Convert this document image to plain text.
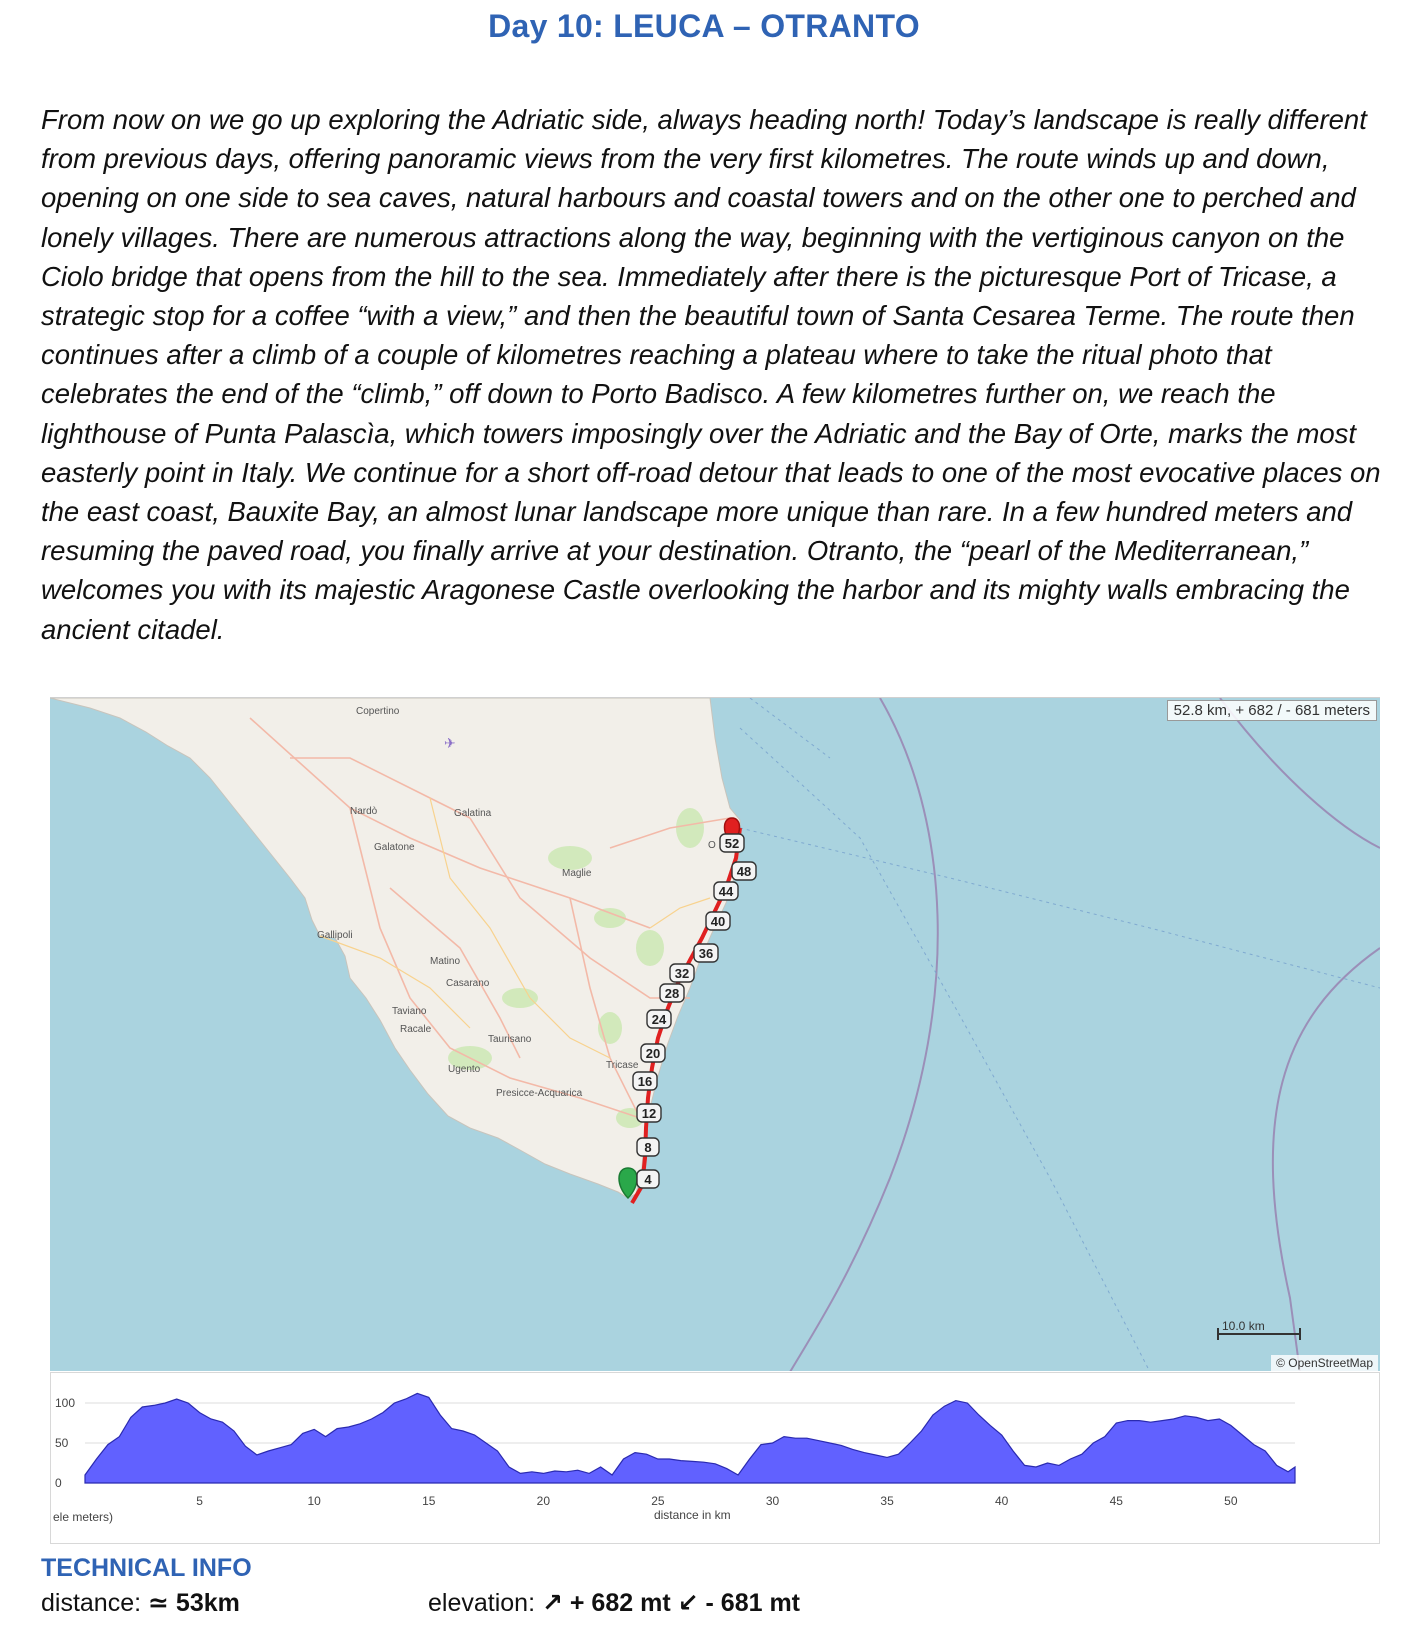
Day 10: LEUCA – OTRANTO
From now on we go up exploring the Adriatic side, always heading north! Today’s landscape is really different from previous days, offering panoramic views from the very first kilometres. The route winds up and down, opening on one side to sea caves, natural harbours and coastal towers and on the other one to perched and lonely villages. There are numerous attractions along the way, beginning with the vertiginous canyon on the Ciolo bridge that opens from the hill to the sea. Immediately after there is the picturesque Port of Tricase, a strategic stop for a coffee “with a view,” and then the beautiful town of Santa Cesarea Terme. The route then continues after a climb of a couple of kilometres reaching a plateau where to take the ritual photo that celebrates the end of the “climb,” off down to Porto Badisco. A few kilometres further on, we reach the lighthouse of Punta Palascìa, which towers imposingly over the Adriatic and the Bay of Orte, marks the most easterly point in Italy. We continue for a short off-road detour that leads to one of the most evocative places on the east coast, Bauxite Bay, an almost lunar landscape more unique than rare. In a few hundred meters and resuming the paved road, you finally arrive at your destination. Otranto, the “pearl of the Mediterranean,” welcomes you with its majestic Aragonese Castle overlooking the harbor and its mighty walls embracing the ancient citadel.
Copertino
Nardò	Galatina
Galatone
Maglie
Gallipoli
Matino
Casarano
Taviano
Racale
Taurisano
Ugento	Tricase
Presicce-Acquarica
O
✈
4
8
12
16
20
24
28
32
36
40
44
48
52
10.0 km
52.8 km, + 682 / - 681 meters
© OpenStreetMap
100
50
0
5	10	15	20	25	30	35	40	45	50
ele meters)	distance in km
TECHNICAL INFO
distance: ≃ 53km	elevation: ↗ + 682 mt ↙ - 681 mt
